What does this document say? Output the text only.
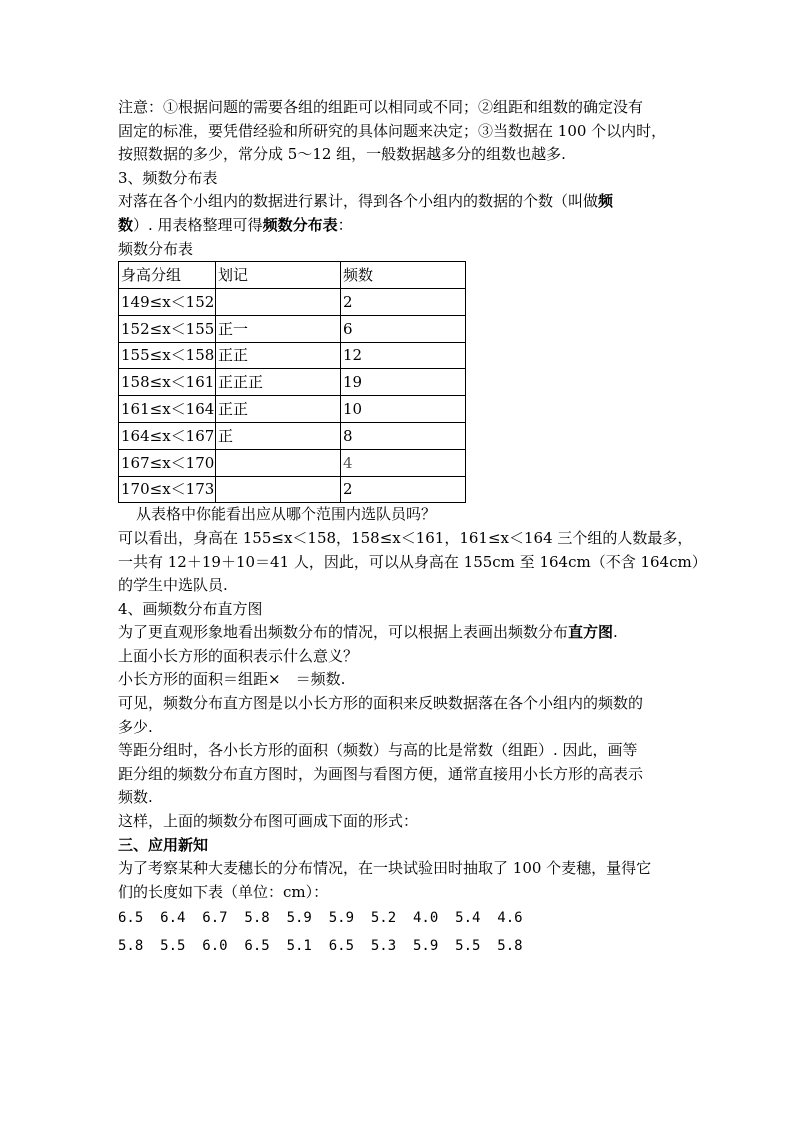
注意：①根据问题的需要各组的组距可以相同或不同；②组距和组数的确定没有

固定的标准，要凭借经验和所研究的具体问题来决定；③当数据在 100 个以内时，

按照数据的多少，常分成 5～12 组，一般数据越多分的组数也越多.

3、频数分布表

对落在各个小组内的数据进行累计，得到各个小组内的数据的个数（叫做频

数）. 用表格整理可得频数分布表：

频数分布表

身高分组	划记	频数
149≤x＜152		2
152≤x＜155	正一	6
155≤x＜158	正正	12
158≤x＜161	正正正	19
161≤x＜164	正正	10
164≤x＜167	正	8
167≤x＜170		4
170≤x＜173		2

从表格中你能看出应从哪个范围内选队员吗？

可以看出，身高在 155≤x＜158，158≤x＜161，161≤x＜164 三个组的人数最多，

一共有 12＋19＋10＝41 人，因此，可以从身高在 155cm 至 164cm（不含 164cm）

的学生中选队员.

4、画频数分布直方图

为了更直观形象地看出频数分布的情况，可以根据上表画出频数分布直方图.

上面小长方形的面积表示什么意义？

小长方形的面积＝组距×　＝频数.

可见，频数分布直方图是以小长方形的面积来反映数据落在各个小组内的频数的

多少.

等距分组时，各小长方形的面积（频数）与高的比是常数（组距）. 因此，画等

距分组的频数分布直方图时，为画图与看图方便，通常直接用小长方形的高表示

频数.

这样，上面的频数分布图可画成下面的形式：

三、应用新知

为了考察某种大麦穗长的分布情况，在一块试验田时抽取了 100 个麦穗，量得它

们的长度如下表（单位：cm）：

6.5  6.4  6.7  5.8  5.9  5.9  5.2  4.0  5.4  4.6

5.8  5.5  6.0  6.5  5.1  6.5  5.3  5.9  5.5  5.8
